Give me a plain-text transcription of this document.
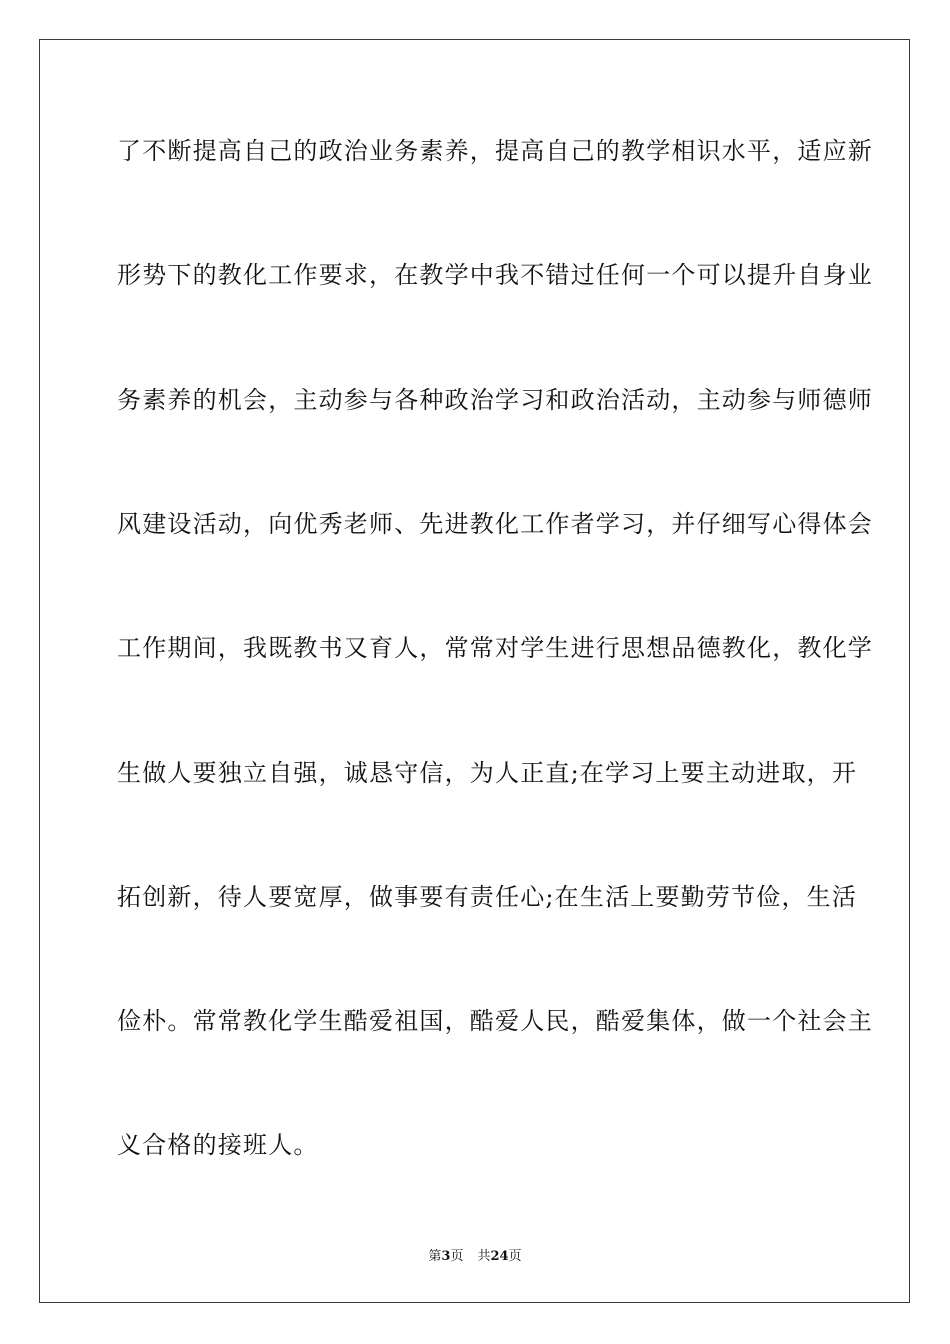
了不断提高自己的政治业务素养，提高自己的教学相识水平，适应新
形势下的教化工作要求，在教学中我不错过任何一个可以提升自身业
务素养的机会，主动参与各种政治学习和政治活动，主动参与师德师
风建设活动，向优秀老师、先进教化工作者学习，并仔细写心得体会
工作期间，我既教书又育人，常常对学生进行思想品德教化，教化学
生做人要独立自强，诚恳守信，为人正直;在学习上要主动进取，开
拓创新，待人要宽厚，做事要有责任心;在生活上要勤劳节俭，生活
俭朴。常常教化学生酷爱祖国，酷爱人民，酷爱集体，做一个社会主
义合格的接班人。
第3页 共24页
